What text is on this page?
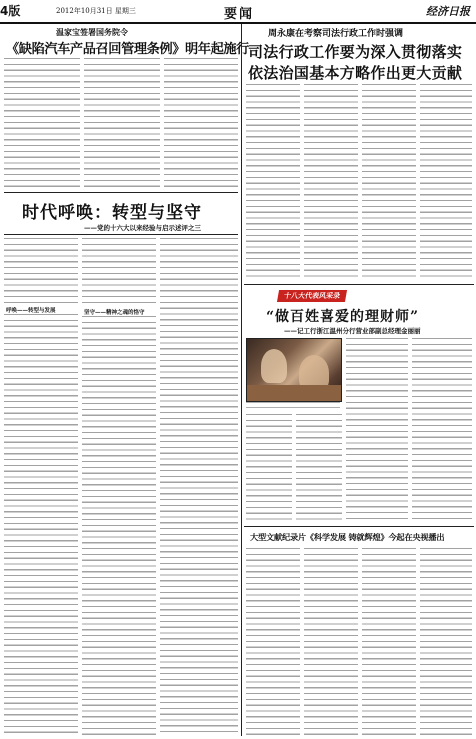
4版	2012年10月31日 星期三	要闻	经济日报
温家宝签署国务院令
《缺陷汽车产品召回管理条例》明年起施行
周永康在考察司法行政工作时强调
司法行政工作要为深入贯彻落实
依法治国基本方略作出更大贡献
时代呼唤：转型与坚守
——党的十六大以来经验与启示述评之三
呼唤——转型与发展	坚守——精神之魂的恪守
十八大代表风采录
“做百姓喜爱的理财师”
——记工行浙江温州分行营业部副总经理金丽丽
大型文献纪录片《科学发展 铸就辉煌》今起在央视播出
